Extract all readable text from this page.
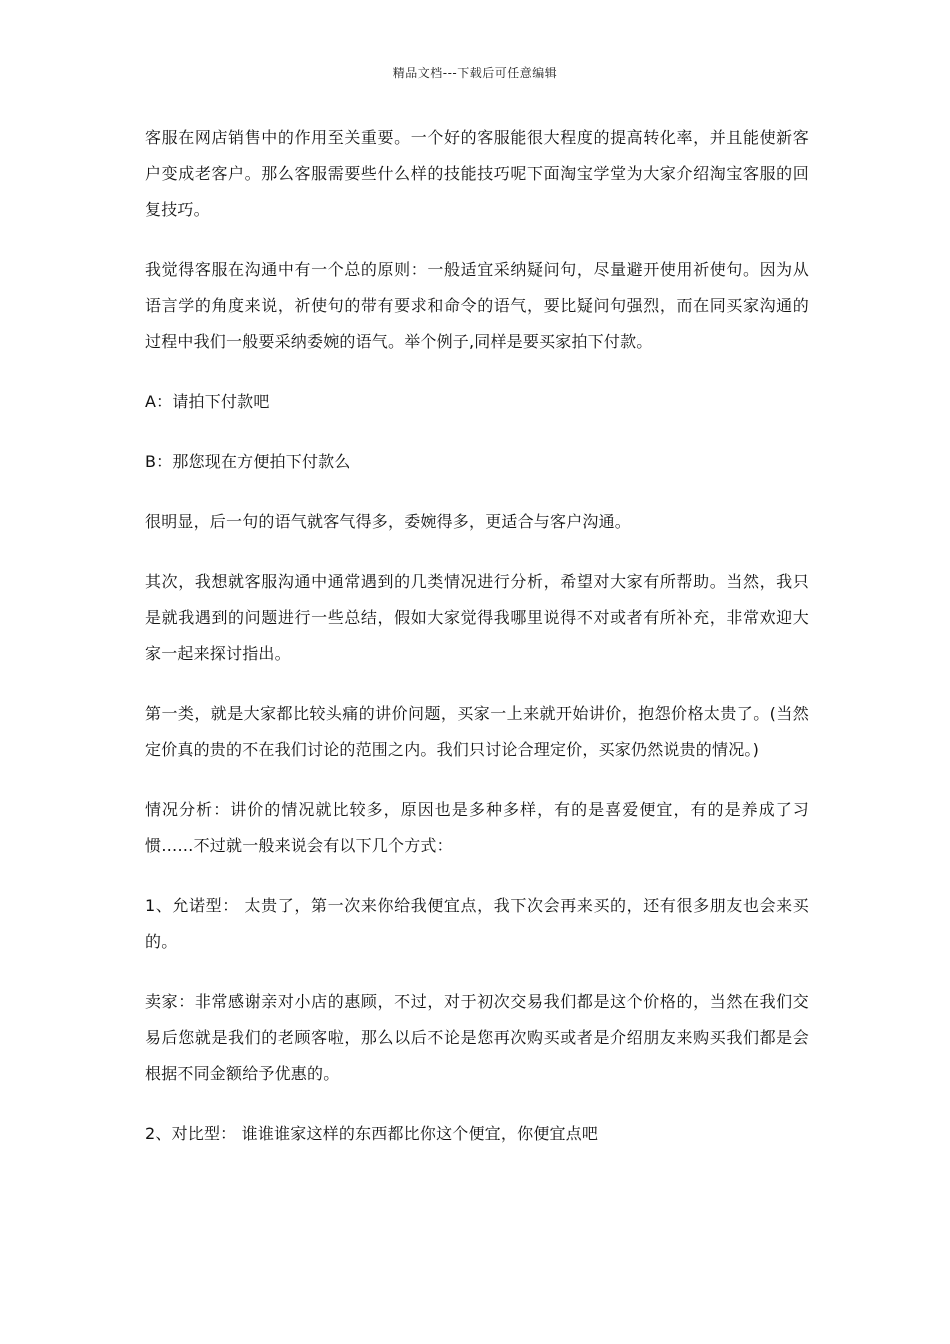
精品文档---下载后可任意编辑

客服在网店销售中的作用至关重要。一个好的客服能很大程度的提高转化率，并且能使新客户变成老客户。那么客服需要些什么样的技能技巧呢下面淘宝学堂为大家介绍淘宝客服的回复技巧。

我觉得客服在沟通中有一个总的原则：一般适宜采纳疑问句，尽量避开使用祈使句。因为从语言学的角度来说，祈使句的带有要求和命令的语气，要比疑问句强烈，而在同买家沟通的过程中我们一般要采纳委婉的语气。举个例子,同样是要买家拍下付款。

A：请拍下付款吧

B：那您现在方便拍下付款么

很明显，后一句的语气就客气得多，委婉得多，更适合与客户沟通。

其次，我想就客服沟通中通常遇到的几类情况进行分析，希望对大家有所帮助。当然，我只是就我遇到的问题进行一些总结，假如大家觉得我哪里说得不对或者有所补充，非常欢迎大家一起来探讨指出。

第一类，就是大家都比较头痛的讲价问题，买家一上来就开始讲价，抱怨价格太贵了。(当然定价真的贵的不在我们讨论的范围之内。我们只讨论合理定价，买家仍然说贵的情况。)

情况分析：讲价的情况就比较多，原因也是多种多样，有的是喜爱便宜，有的是养成了习惯……不过就一般来说会有以下几个方式：

1、允诺型： 太贵了，第一次来你给我便宜点，我下次会再来买的，还有很多朋友也会来买的。

卖家：非常感谢亲对小店的惠顾，不过，对于初次交易我们都是这个价格的，当然在我们交易后您就是我们的老顾客啦，那么以后不论是您再次购买或者是介绍朋友来购买我们都是会根据不同金额给予优惠的。

2、对比型： 谁谁谁家这样的东西都比你这个便宜，你便宜点吧
